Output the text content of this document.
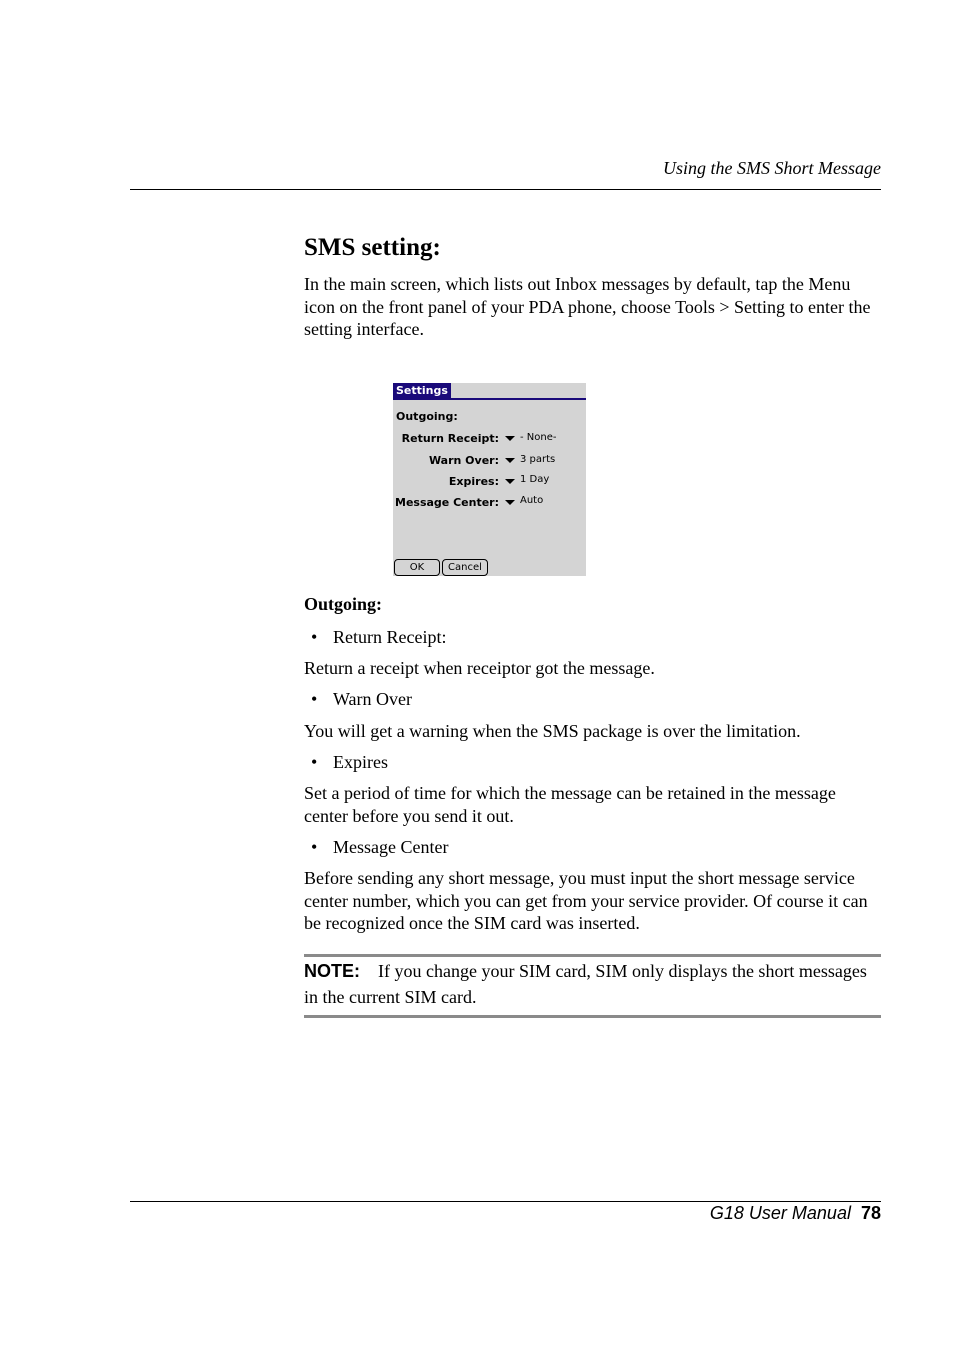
Using the SMS Short Message
SMS setting:
In the main screen, which lists out Inbox messages by default, tap the Menu icon on the front panel of your PDA phone, choose Tools > Setting to enter the setting interface.
Settings
Outgoing:
Return Receipt: - None-
Warn Over: 3 parts
Expires: 1 Day
Message Center: Auto
OK	Cancel
Outgoing:
• Return Receipt:
Return a receipt when receiptor got the message.
• Warn Over
You will get a warning when the SMS package is over the limitation.
• Expires
Set a period of time for which the message can be retained in the message center before you send it out.
• Message Center
Before sending any short message, you must input the short message service center number, which you can get from your service provider. Of course it can be recognized once the SIM card was inserted.
NOTE: If you change your SIM card, SIM only displays the short messages in the current SIM card.
G18 User Manual 78
